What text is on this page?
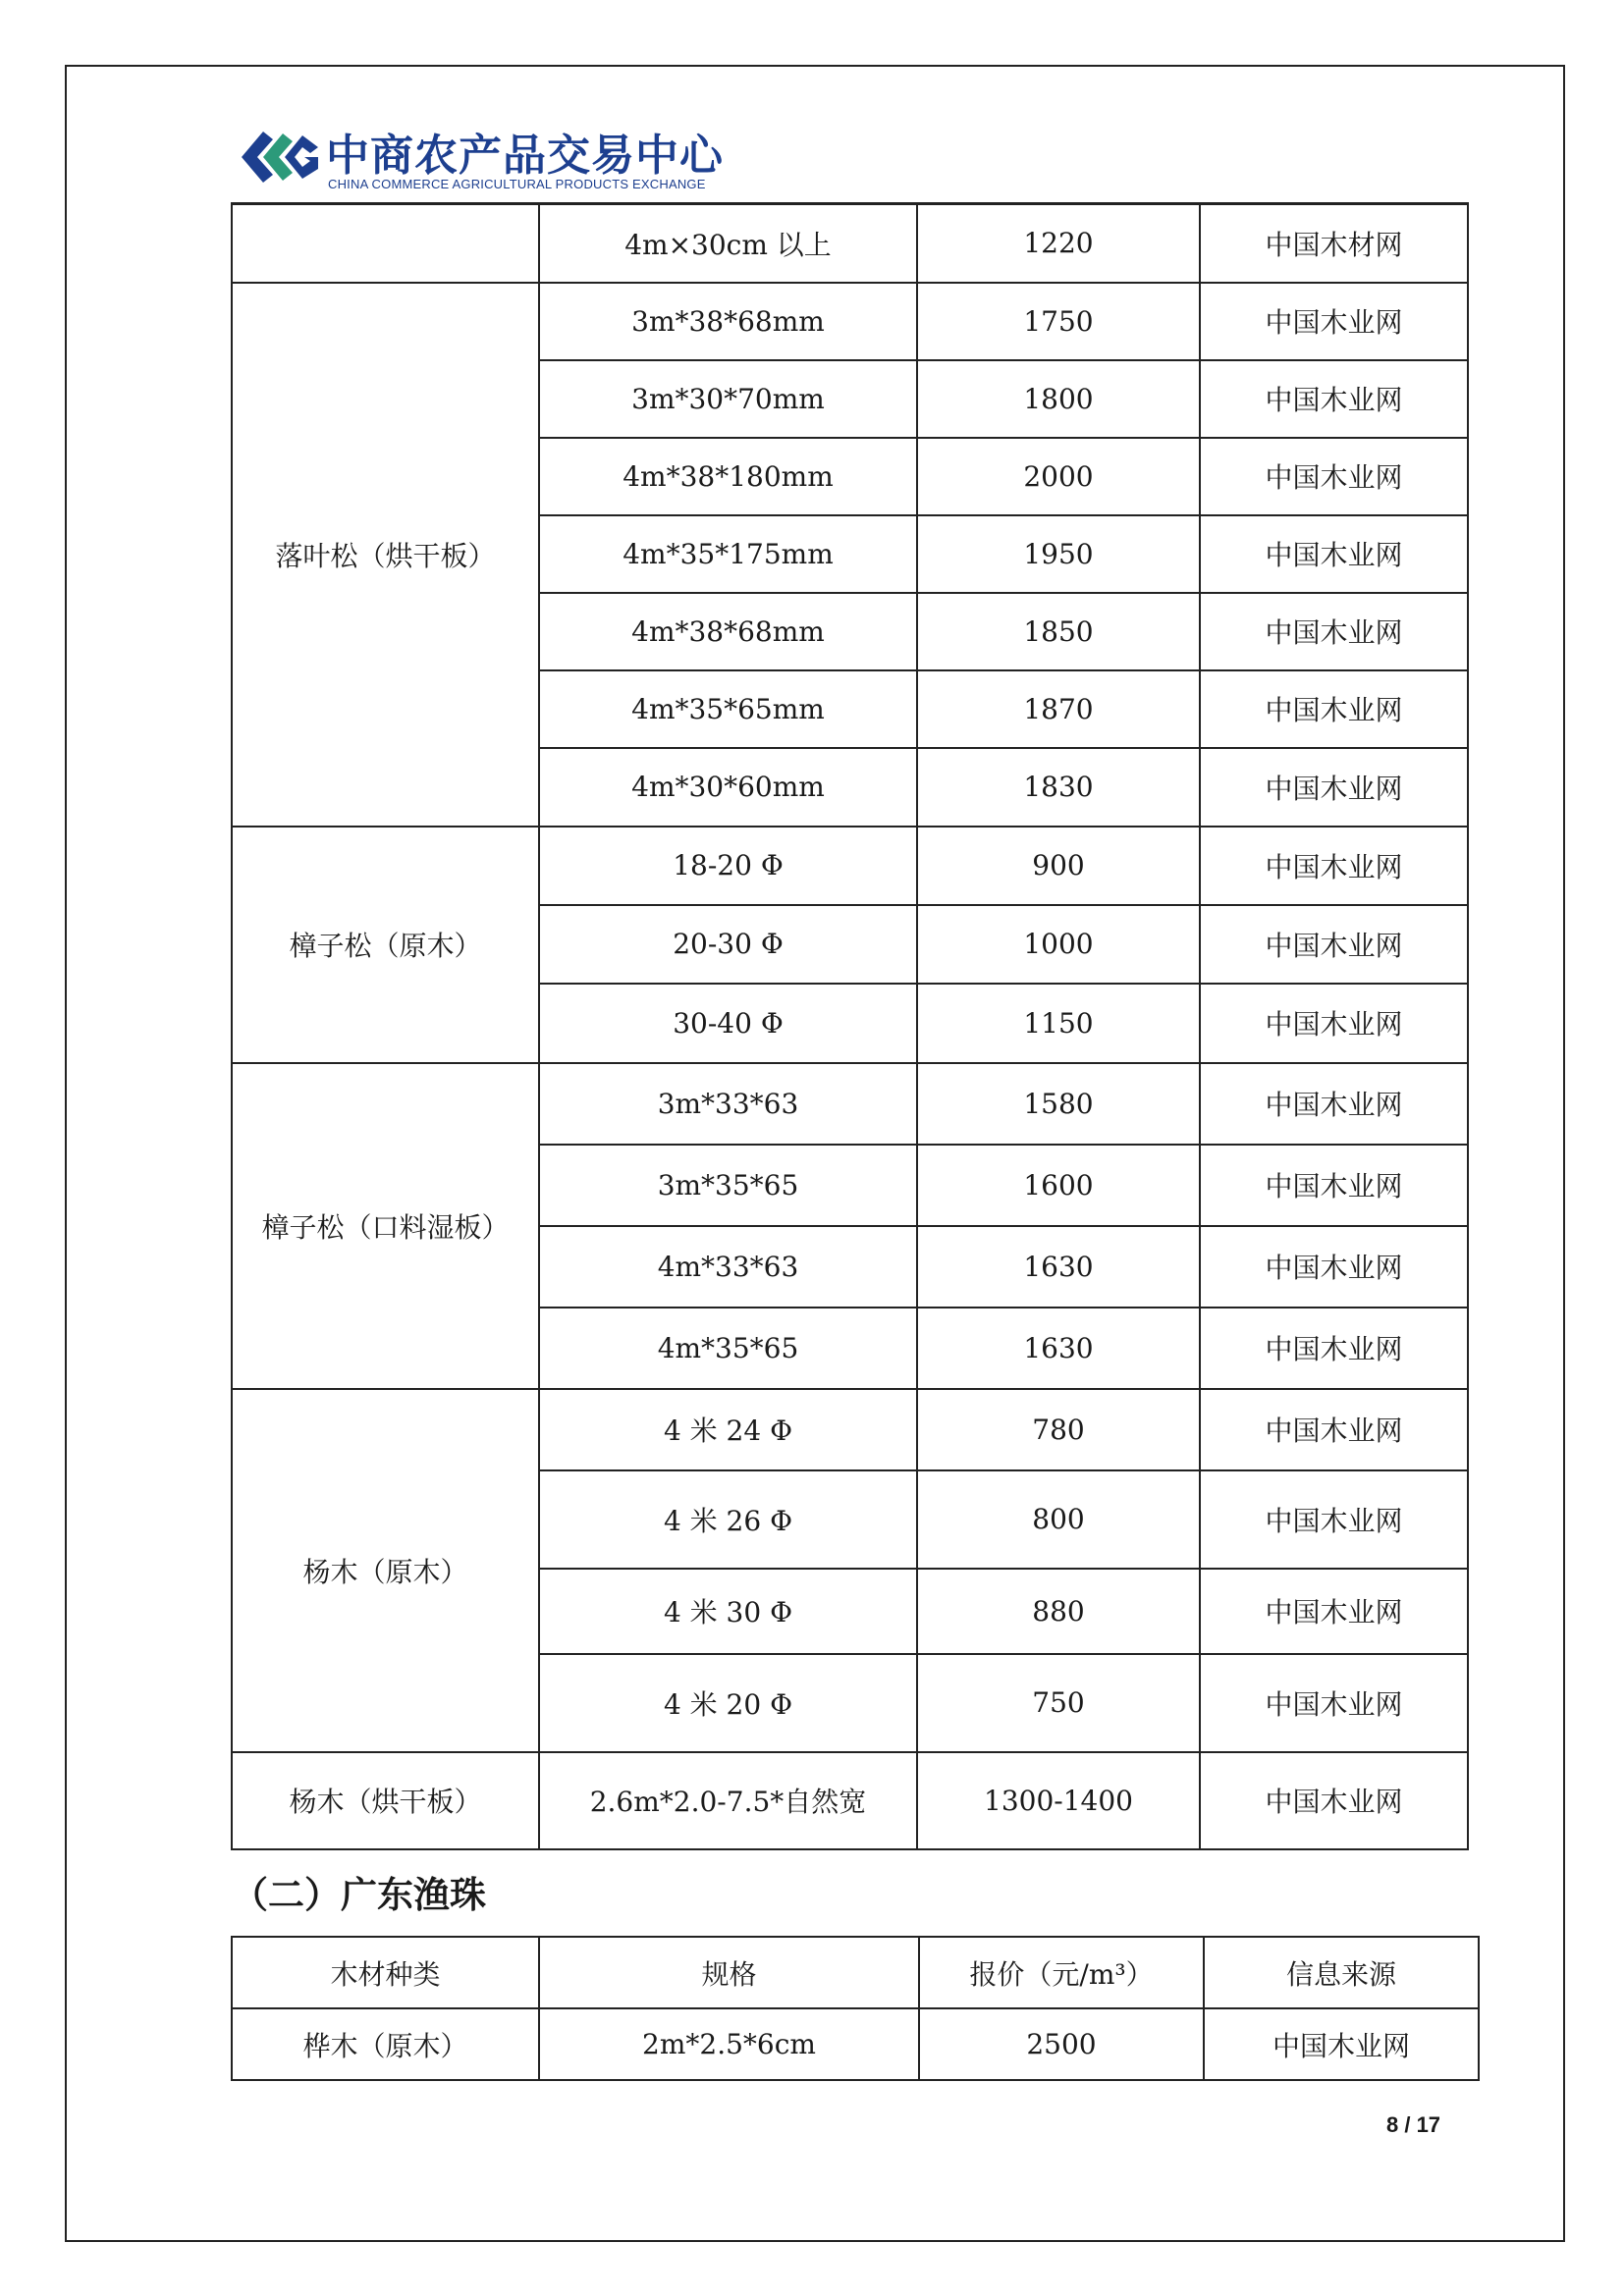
中商农产品交易中心
CHINA COMMERCE AGRICULTURAL PRODUCTS EXCHANGE
	4m×30cm 以上	1220	中国木材网
落叶松（烘干板）	3m*38*68mm	1750	中国木业网
	3m*30*70mm	1800	中国木业网
	4m*38*180mm	2000	中国木业网
	4m*35*175mm	1950	中国木业网
	4m*38*68mm	1850	中国木业网
	4m*35*65mm	1870	中国木业网
	4m*30*60mm	1830	中国木业网
樟子松（原木）	18-20 Φ	900	中国木业网
	20-30 Φ	1000	中国木业网
	30-40 Φ	1150	中国木业网
樟子松（口料湿板）	3m*33*63	1580	中国木业网
	3m*35*65	1600	中国木业网
	4m*33*63	1630	中国木业网
	4m*35*65	1630	中国木业网
杨木（原木）	4 米 24 Φ	780	中国木业网
	4 米 26 Φ	800	中国木业网
	4 米 30 Φ	880	中国木业网
	4 米 20 Φ	750	中国木业网
杨木（烘干板）	2.6m*2.0-7.5*自然宽	1300-1400	中国木业网
（二）广东渔珠
木材种类	规格	报价（元/m³）	信息来源
桦木（原木）	2m*2.5*6cm	2500	中国木业网
8 / 17
